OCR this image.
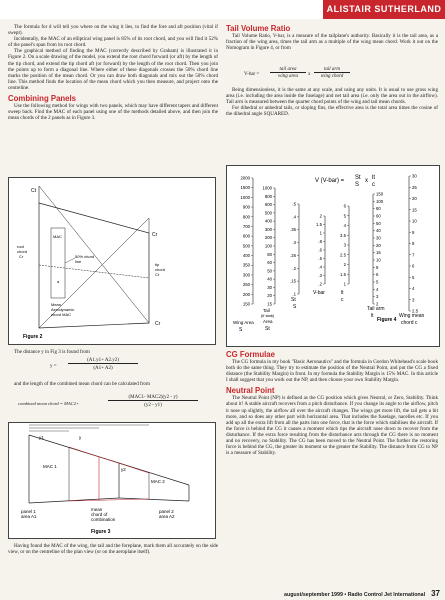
ALISTAIR SUTHERLAND

The formula for d will tell you where on the wing it lies, to find the fore and aft position (vital if swept).

Incidentally, the MAC of an elliptical wing panel is 85% of its root chord, and you will find it 52% of the panel's span from its root chord.

The graphical method of finding the MAC (correctly described by Graham) is illustrated it in Figure 2. On a scale drawing of the model, you extend the root chord forward (or aft) by the length of the tip chord, and extend the tip chord aft (or forward) by the length of the root chord. Then you join the points up to form a diagonal line. Where either of these diagonals crosses the 50% chord line marks the position of the mean chord. Or you can draw both diagonals and mix out the 50% chord line. This method finds the location of the mean chord which you then measure, and project onto the centreline.

Combining Panels

Use the following method for wings with two panels, which may have different tapers and different sweep back. Find the MAC of each panel using one of the methods detailed above, and then join the mean chords of the 2 panels as in Figure 3.

Ct
Cr
MAC
50% chord
line
root
chord
Cr
tip
chord
Ct
a
Mean
Aerodynamic
chord MAC
Cr
Figure 2

The distance y in Fig 3 is found from

y =
(A1.y1+ A2.y2)
(A1+ A2)

and the length of the combined mean chord can be calculated from

combined mean chord = MAC2+
(MAC1- MAC2)(y2 - y)
(y2 - y1)
y1	y
y2
MAC 1
MAC 2
panel 1
area A1
mean
chord of
combination
panel 2
area A2
Figure 3

Having found the MAC of the wing, the tail and the foreplane, mark them all accurately on the side view, or on the centreline of the plan view (or on the aeroplane itself).

Tail Volume Ratio

Tail Volume Ratio, V-bar, is a measure of the tailplane's authority. Basically it is the tail area, as a fraction of the wing area, times the tail arm as a multiple of the wing mean chord. Work it out on the Nomogram in Figure 4, or from

V-bar =
tail area
wing area	x
tail arm
wing chord

Being dimensionless, it is the same at any scale, and using any units. It is usual to use gross wing area (i.e. including the area inside the fuselage) and net tail area (i.e. only the area out in the airflow). Tail arm is measured between the quarter chord points of the wing and tail mean chords.

For dihedral or anhedral tails, or sloping fins, the effective area is the total area times the cosine of the dihedral angle SQUARED.

V (V-bar) = St
S
x lt
c
Figure 4
Wing Area
S
Tail
(if stab)
Area
St
St
S
V-bar	lt
c
Tail arm
lt	Wing mean
chord c
2000
1500
1000
900
800
700
600
500
400
350
300
250
200
150
1000
800
600
500
400
300
200
100
80
60
50
40
30
20
15
.5
.4
.35
.3
.25
.2
.15
.1
2
1.5
1
.8
.6
.5
.4
.3
.2
6
5
4
3.5
3
2.5
2
1.5
1
150
100
80
60
50
40
30
20
15
10
8
6
5
4
3
2
30
25
20
15
10
9
8
7
6
5
4
3
2.5
CG Formulae

The CG formula in my book "Basic Aeronautics" and the formula in Gordon Whitehead's scale book both do the same thing. They try to estimate the position of the Neutral Point, and put the CG a fixed distance (the Stability Margin) in front. In my formula the Stability Margin is 15% MAC. In this article I shall suggest that you work out the NP, and then choose your own Stability Margin.

Neutral Point

The Neutral Point (NP) is defined as the CG position which gives Neutral, or Zero, Stability. Think about it! A stable aircraft recovers from a pitch disturbance. If you change its angle to the airflow, pitch it nose up slightly, the airflow all over the aircraft changes. The wings get more lift, the tail gets a bit more, and so does any other part with horizontal area. That includes the fuselage, nacelles etc. If you add up all the extra lift from all the parts into one force, that is the force which stabilises the aircraft. If the force is behind the CG it causes a moment which tips the aircraft nose down to recover from the disturbance. If the extra force resulting from the disturbance acts through the CG there is no moment and no recovery, no Stability. The CG has been moved to the Neutral Point. The further the restoring force is behind the CG, the greater its moment so the greater the Stability. The distance from CG to NP is a measure of Stability.

august/september 1999 • Radio Control Jet International 37
